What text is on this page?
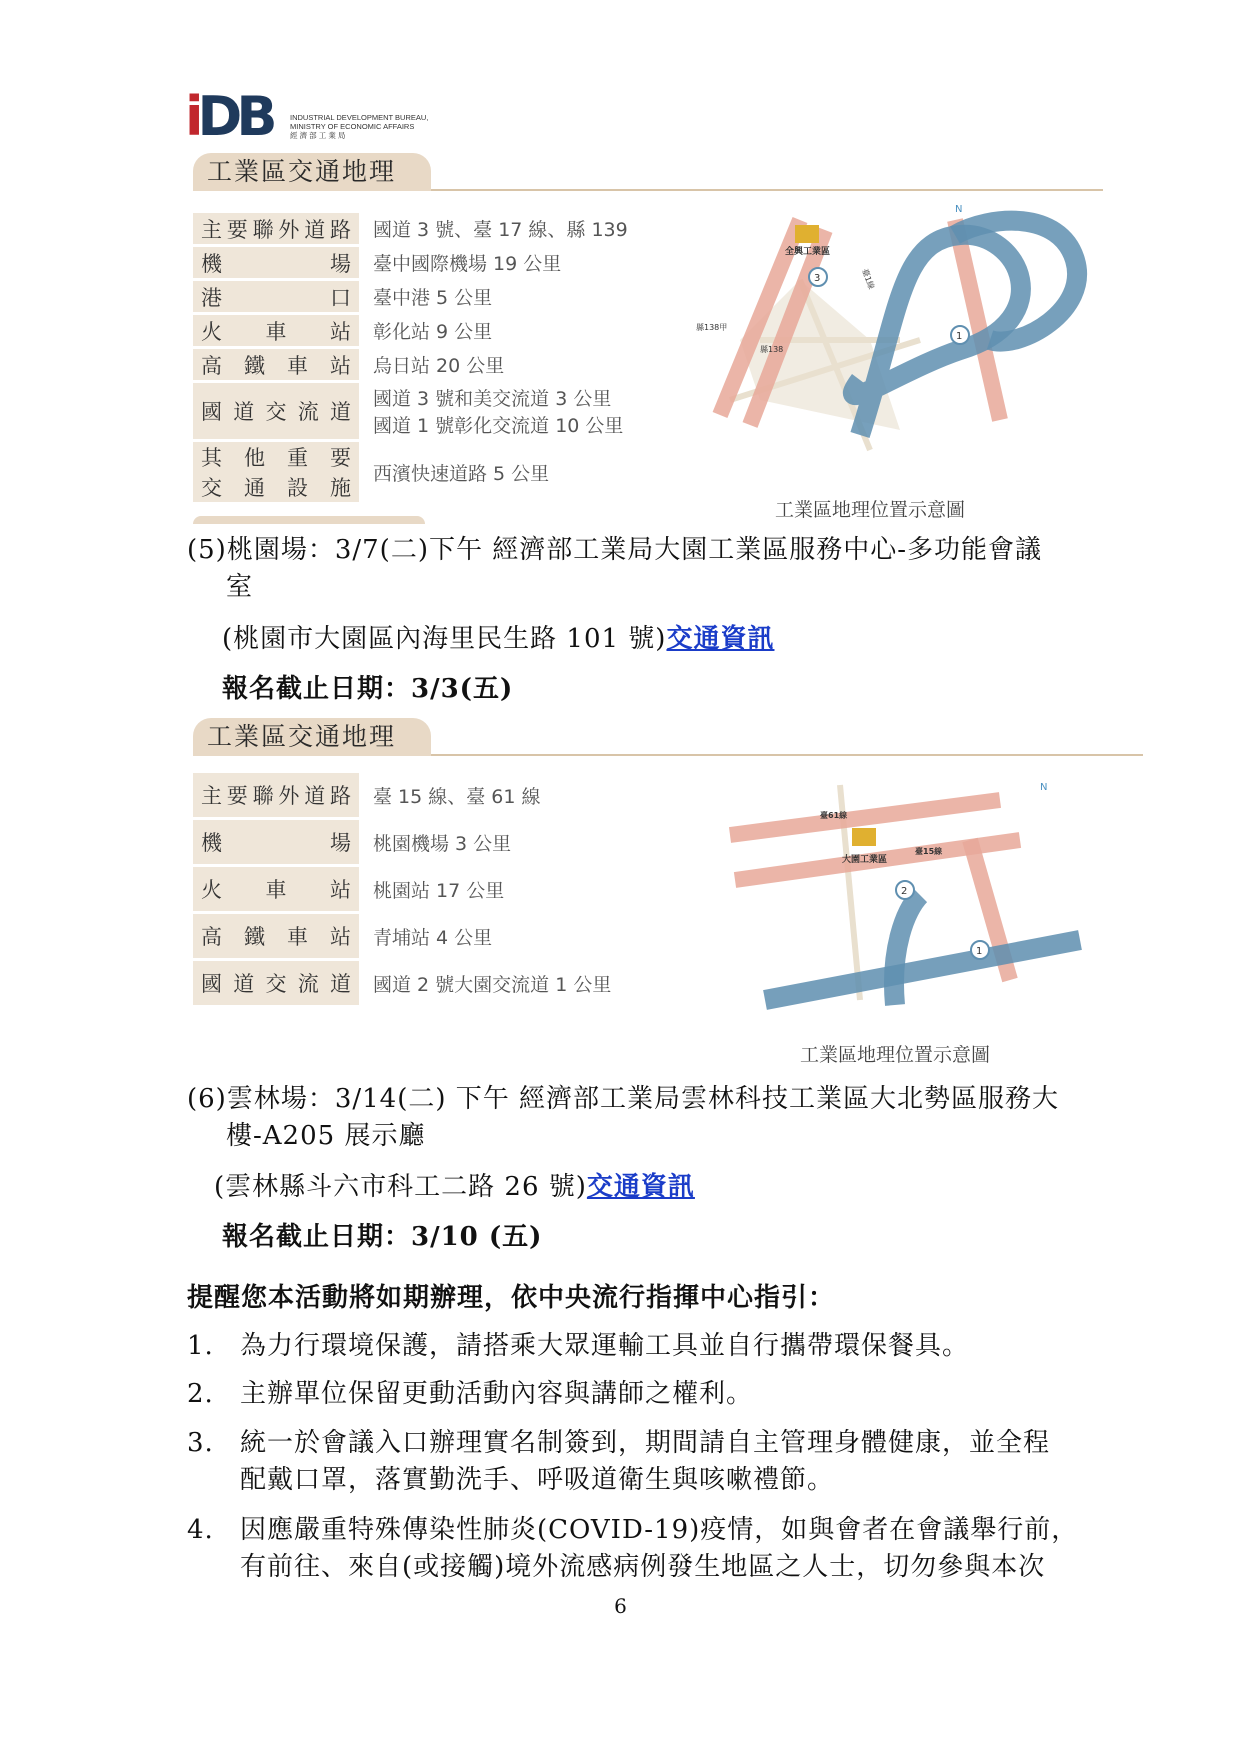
iDB INDUSTRIAL DEVELOPMENT BUREAU,
MINISTRY OF ECONOMIC AFFAIRS
經 濟 部 工 業 局
工業區交通地理
主要聯外道路	國道 3 號、臺 17 線、縣 139
機場	臺中國際機場 19 公里
港口	臺中港 5 公里
火車站	彰化站 9 公里
高鐵車站	烏日站 20 公里
國道交流道	國道 3 號和美交流道 3 公里
國道 1 號彰化交流道 10 公里

其他重要
交通設施	西濱快速道路 5 公里
全興工業區
3
1
N
縣138甲
縣138
臺1線
工業區地理位置示意圖
(5)桃園場：3/7(二)下午 經濟部工業局大園工業區服務中心-多功能會議
室
(桃園市大園區內海里民生路 101 號)交通資訊
報名截止日期：3/3(五)
工業區交通地理
主要聯外道路	臺 15 線、臺 61 線
機場	桃園機場 3 公里
火車站	桃園站 17 公里
高鐵車站	青埔站 4 公里
國道交流道	國道 2 號大園交流道 1 公里
大園工業區
2
1
N
臺61線
臺15線
工業區地理位置示意圖
(6)雲林場：3/14(二) 下午 經濟部工業局雲林科技工業區大北勢區服務大
樓-A205 展示廳
(雲林縣斗六市科工二路 26 號)交通資訊
報名截止日期：3/10 (五)
提醒您本活動將如期辦理，依中央流行指揮中心指引：
1. 為力行環境保護，請搭乘大眾運輸工具並自行攜帶環保餐具。
2. 主辦單位保留更動活動內容與講師之權利。
3. 統一於會議入口辦理實名制簽到，期間請自主管理身體健康，並全程
配戴口罩，落實勤洗手、呼吸道衛生與咳嗽禮節。
4. 因應嚴重特殊傳染性肺炎(COVID-19)疫情，如與會者在會議舉行前，
有前往、來自(或接觸)境外流感病例發生地區之人士，切勿參與本次
6
